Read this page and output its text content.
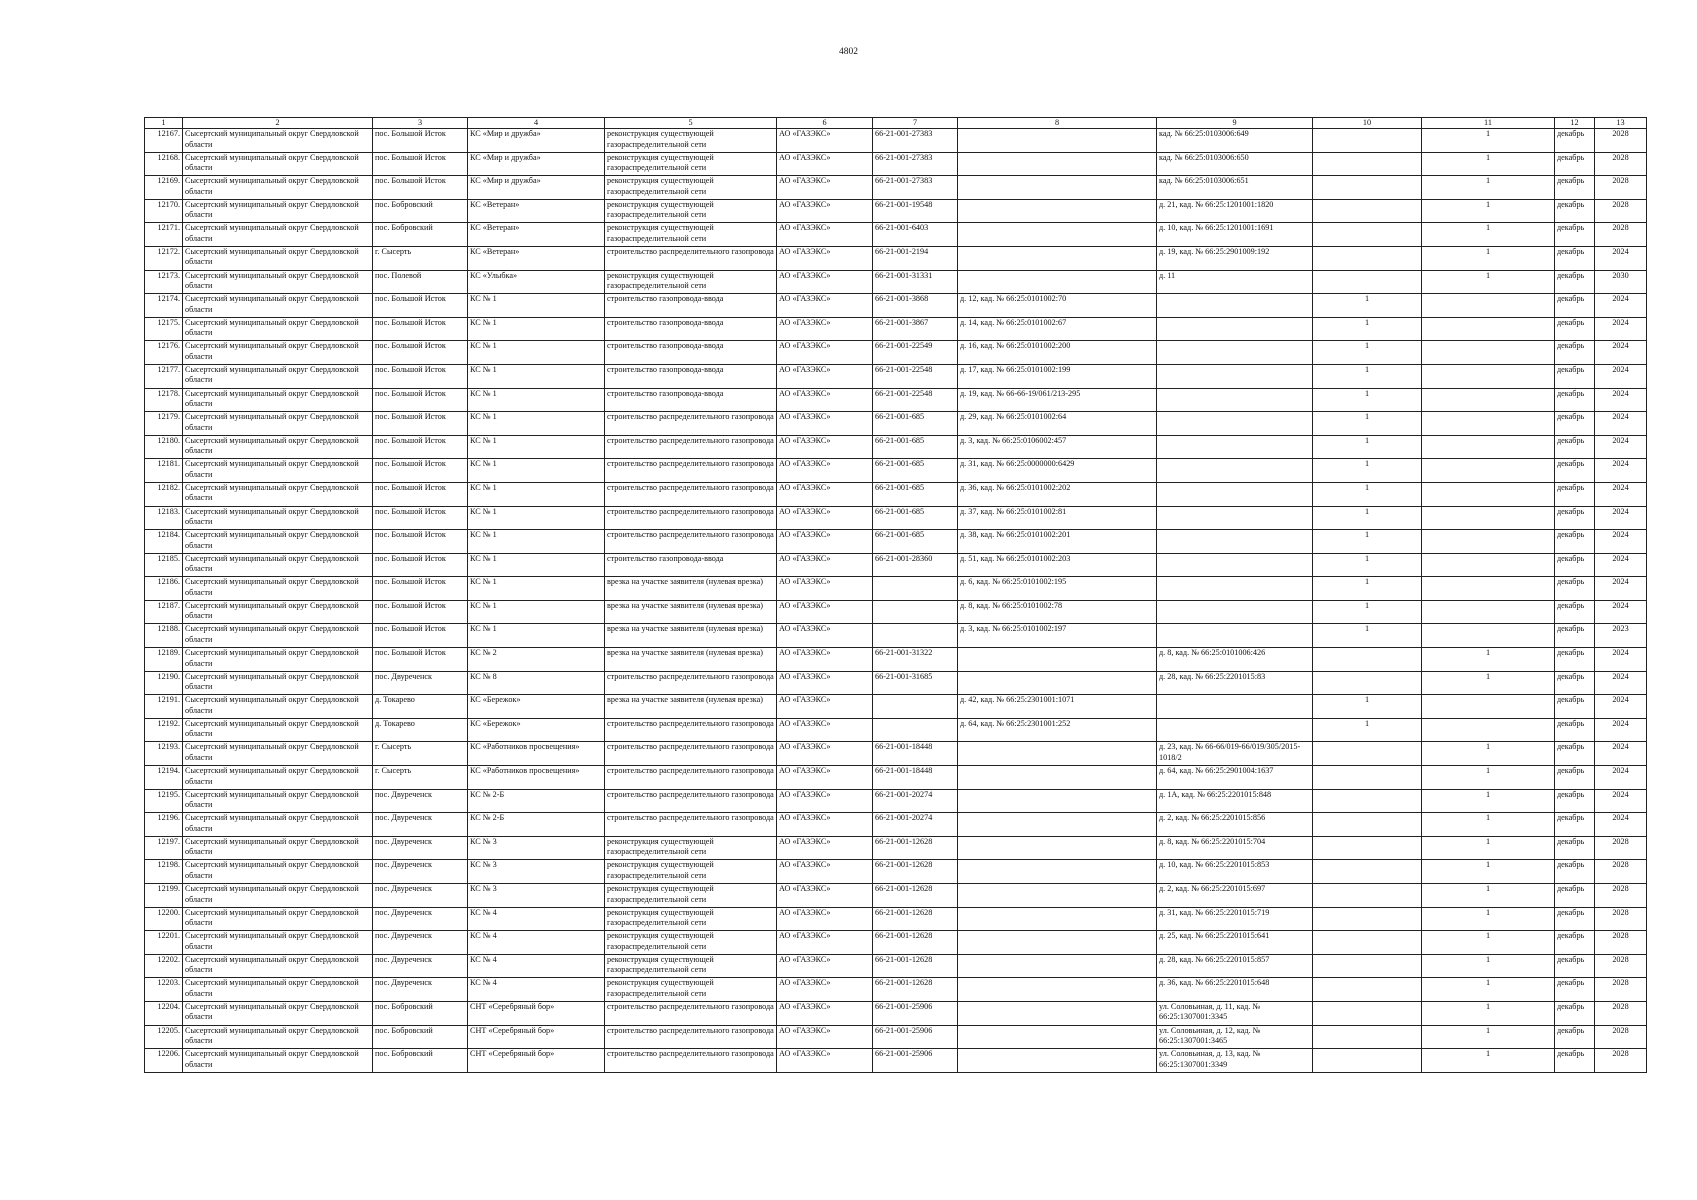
4802
1	2	3	4	5	6	7	8	9	10	11	12	13
12167.	Сысертский муниципальный округ Свердловской области	пос. Большой Исток	КС «Мир и дружба»	реконструкция существующей газораспределительной сети	АО «ГАЗЭКС»	66-21-001-27383		кад. № 66:25:0103006:649		1	декабрь	2028
12168.	Сысертский муниципальный округ Свердловской области	пос. Большой Исток	КС «Мир и дружба»	реконструкция существующей газораспределительной сети	АО «ГАЗЭКС»	66-21-001-27383		кад. № 66:25:0103006:650		1	декабрь	2028
12169.	Сысертский муниципальный округ Свердловской области	пос. Большой Исток	КС «Мир и дружба»	реконструкция существующей газораспределительной сети	АО «ГАЗЭКС»	66-21-001-27383		кад. № 66:25:0103006:651		1	декабрь	2028
12170.	Сысертский муниципальный округ Свердловской области	пос. Бобровский	КС «Ветеран»	реконструкция существующей газораспределительной сети	АО «ГАЗЭКС»	66-21-001-19548		д. 21, кад. № 66:25:1201001:1820		1	декабрь	2028
12171.	Сысертский муниципальный округ Свердловской области	пос. Бобровский	КС «Ветеран»	реконструкция существующей газораспределительной сети	АО «ГАЗЭКС»	66-21-001-6403		д. 10, кад. № 66:25:1201001:1691		1	декабрь	2028
12172.	Сысертский муниципальный округ Свердловской области	г. Сысерть	КС «Ветеран»	строительство распределительного газопровода	АО «ГАЗЭКС»	66-21-001-2194		д. 19, кад. № 66:25:2901009:192		1	декабрь	2024
12173.	Сысертский муниципальный округ Свердловской области	пос. Полевой	КС «Улыбка»	реконструкция существующей газораспределительной сети	АО «ГАЗЭКС»	66-21-001-31331		д. 11		1	декабрь	2030
12174.	Сысертский муниципальный округ Свердловской области	пос. Большой Исток	КС № 1	строительство газопровода-ввода	АО «ГАЗЭКС»	66-21-001-3868	д. 12, кад. № 66:25:0101002:70		1		декабрь	2024
12175.	Сысертский муниципальный округ Свердловской области	пос. Большой Исток	КС № 1	строительство газопровода-ввода	АО «ГАЗЭКС»	66-21-001-3867	д. 14, кад. № 66:25:0101002:67		1		декабрь	2024
12176.	Сысертский муниципальный округ Свердловской области	пос. Большой Исток	КС № 1	строительство газопровода-ввода	АО «ГАЗЭКС»	66-21-001-22549	д. 16, кад. № 66:25:0101002:200		1		декабрь	2024
12177.	Сысертский муниципальный округ Свердловской области	пос. Большой Исток	КС № 1	строительство газопровода-ввода	АО «ГАЗЭКС»	66-21-001-22548	д. 17, кад. № 66:25:0101002:199		1		декабрь	2024
12178.	Сысертский муниципальный округ Свердловской области	пос. Большой Исток	КС № 1	строительство газопровода-ввода	АО «ГАЗЭКС»	66-21-001-22548	д. 19, кад. № 66-66-19/061/213-295		1		декабрь	2024
12179.	Сысертский муниципальный округ Свердловской области	пос. Большой Исток	КС № 1	строительство распределительного газопровода	АО «ГАЗЭКС»	66-21-001-685	д. 29, кад. № 66:25:0101002:64		1		декабрь	2024
12180.	Сысертский муниципальный округ Свердловской области	пос. Большой Исток	КС № 1	строительство распределительного газопровода	АО «ГАЗЭКС»	66-21-001-685	д. 3, кад. № 66:25:0106002:457		1		декабрь	2024
12181.	Сысертский муниципальный округ Свердловской области	пос. Большой Исток	КС № 1	строительство распределительного газопровода	АО «ГАЗЭКС»	66-21-001-685	д. 31, кад. № 66:25:0000000:6429		1		декабрь	2024
12182.	Сысертский муниципальный округ Свердловской области	пос. Большой Исток	КС № 1	строительство распределительного газопровода	АО «ГАЗЭКС»	66-21-001-685	д. 36, кад. № 66:25:0101002:202		1		декабрь	2024
12183.	Сысертский муниципальный округ Свердловской области	пос. Большой Исток	КС № 1	строительство распределительного газопровода	АО «ГАЗЭКС»	66-21-001-685	д. 37, кад. № 66:25:0101002:81		1		декабрь	2024
12184.	Сысертский муниципальный округ Свердловской области	пос. Большой Исток	КС № 1	строительство распределительного газопровода	АО «ГАЗЭКС»	66-21-001-685	д. 38, кад. № 66:25:0101002:201		1		декабрь	2024
12185.	Сысертский муниципальный округ Свердловской области	пос. Большой Исток	КС № 1	строительство газопровода-ввода	АО «ГАЗЭКС»	66-21-001-28360	д. 51, кад. № 66:25:0101002:203		1		декабрь	2024
12186.	Сысертский муниципальный округ Свердловской области	пос. Большой Исток	КС № 1	врезка на участке заявителя (нулевая врезка)	АО «ГАЗЭКС»		д. 6, кад. № 66:25:0101002:195		1		декабрь	2024
12187.	Сысертский муниципальный округ Свердловской области	пос. Большой Исток	КС № 1	врезка на участке заявителя (нулевая врезка)	АО «ГАЗЭКС»		д. 8, кад. № 66:25:0101002:78		1		декабрь	2024
12188.	Сысертский муниципальный округ Свердловской области	пос. Большой Исток	КС № 1	врезка на участке заявителя (нулевая врезка)	АО «ГАЗЭКС»		д. 3, кад. № 66:25:0101002:197		1		декабрь	2023
12189.	Сысертский муниципальный округ Свердловской области	пос. Большой Исток	КС № 2	врезка на участке заявителя (нулевая врезка)	АО «ГАЗЭКС»	66-21-001-31322		д. 8, кад. № 66:25:0101006:426		1	декабрь	2024
12190.	Сысертский муниципальный округ Свердловской области	пос. Двуреченск	КС № 8	строительство распределительного газопровода	АО «ГАЗЭКС»	66-21-001-31685		д. 28, кад. № 66:25:2201015:83		1	декабрь	2024
12191.	Сысертский муниципальный округ Свердловской области	д. Токарево	КС «Бережок»	врезка на участке заявителя (нулевая врезка)	АО «ГАЗЭКС»		д. 42, кад. № 66:25:2301001:1071		1		декабрь	2024
12192.	Сысертский муниципальный округ Свердловской области	д. Токарево	КС «Бережок»	строительство распределительного газопровода	АО «ГАЗЭКС»		д. 64, кад. № 66:25:2301001:252		1		декабрь	2024
12193.	Сысертский муниципальный округ Свердловской области	г. Сысерть	КС «Работников просвещения»	строительство распределительного газопровода	АО «ГАЗЭКС»	66-21-001-18448		д. 23, кад. № 66-66/019-66/019/305/2015-1018/2		1	декабрь	2024
12194.	Сысертский муниципальный округ Свердловской области	г. Сысерть	КС «Работников просвещения»	строительство распределительного газопровода	АО «ГАЗЭКС»	66-21-001-18448		д. 64, кад. № 66:25:2901004:1637		1	декабрь	2024
12195.	Сысертский муниципальный округ Свердловской области	пос. Двуреченск	КС № 2-Б	строительство распределительного газопровода	АО «ГАЗЭКС»	66-21-001-20274		д. 1А, кад. № 66:25:2201015:848		1	декабрь	2024
12196.	Сысертский муниципальный округ Свердловской области	пос. Двуреченск	КС № 2-Б	строительство распределительного газопровода	АО «ГАЗЭКС»	66-21-001-20274		д. 2, кад. № 66:25:2201015:856		1	декабрь	2024
12197.	Сысертский муниципальный округ Свердловской области	пос. Двуреченск	КС № 3	реконструкция существующей газораспределительной сети	АО «ГАЗЭКС»	66-21-001-12628		д. 8, кад. № 66:25:2201015:704		1	декабрь	2028
12198.	Сысертский муниципальный округ Свердловской области	пос. Двуреченск	КС № 3	реконструкция существующей газораспределительной сети	АО «ГАЗЭКС»	66-21-001-12628		д. 10, кад. № 66:25:2201015:853		1	декабрь	2028
12199.	Сысертский муниципальный округ Свердловской области	пос. Двуреченск	КС № 3	реконструкция существующей газораспределительной сети	АО «ГАЗЭКС»	66-21-001-12628		д. 2, кад. № 66:25:2201015:697		1	декабрь	2028
12200.	Сысертский муниципальный округ Свердловской области	пос. Двуреченск	КС № 4	реконструкция существующей газораспределительной сети	АО «ГАЗЭКС»	66-21-001-12628		д. 31, кад. № 66:25:2201015:719		1	декабрь	2028
12201.	Сысертский муниципальный округ Свердловской области	пос. Двуреченск	КС № 4	реконструкция существующей газораспределительной сети	АО «ГАЗЭКС»	66-21-001-12628		д. 25, кад. № 66:25:2201015:641		1	декабрь	2028
12202.	Сысертский муниципальный округ Свердловской области	пос. Двуреченск	КС № 4	реконструкция существующей газораспределительной сети	АО «ГАЗЭКС»	66-21-001-12628		д. 28, кад. № 66:25:2201015:857		1	декабрь	2028
12203.	Сысертский муниципальный округ Свердловской области	пос. Двуреченск	КС № 4	реконструкция существующей газораспределительной сети	АО «ГАЗЭКС»	66-21-001-12628		д. 36, кад. № 66:25:2201015:648		1	декабрь	2028
12204.	Сысертский муниципальный округ Свердловской области	пос. Бобровский	СНТ «Серебряный бор»	строительство распределительного газопровода	АО «ГАЗЭКС»	66-21-001-25906		ул. Соловьиная, д. 11, кад. № 66:25:1307001:3345		1	декабрь	2028
12205.	Сысертский муниципальный округ Свердловской области	пос. Бобровский	СНТ «Серебряный бор»	строительство распределительного газопровода	АО «ГАЗЭКС»	66-21-001-25906		ул. Соловьиная, д. 12, кад. № 66:25:1307001:3465		1	декабрь	2028
12206.	Сысертский муниципальный округ Свердловской области	пос. Бобровский	СНТ «Серебряный бор»	строительство распределительного газопровода	АО «ГАЗЭКС»	66-21-001-25906		ул. Соловьиная, д. 13, кад. № 66:25:1307001:3349		1	декабрь	2028
